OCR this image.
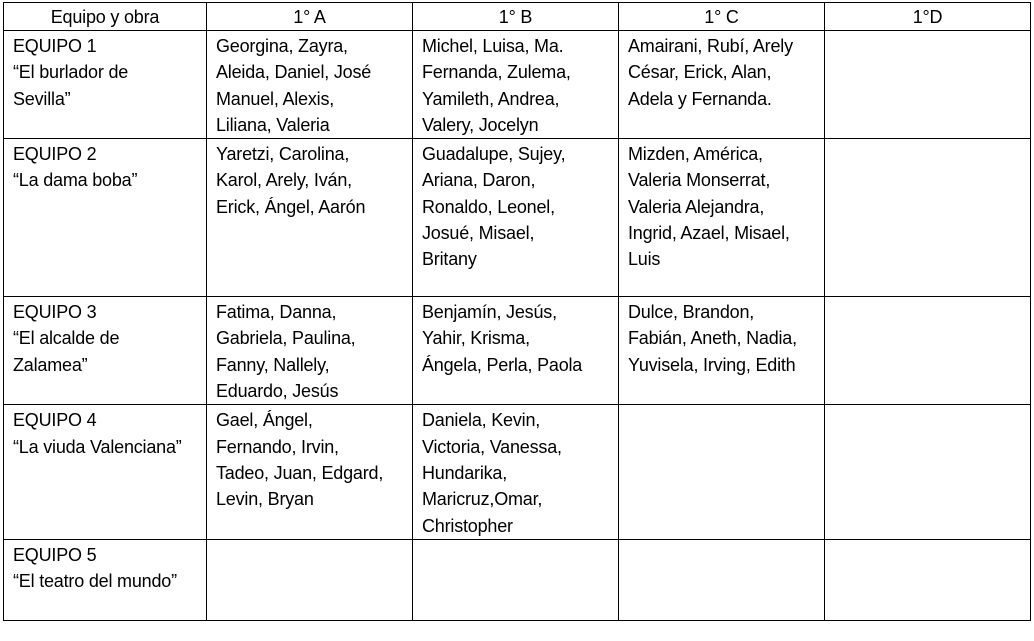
Equipo y obra	1° A	1° B	1° C	1°D

EQUIPO 1
“El burlador de
Sevilla”	Georgina, Zayra,
Aleida, Daniel, José
Manuel, Alexis,
Liliana, Valeria	Michel, Luisa, Ma.
Fernanda, Zulema,
Yamileth, Andrea,
Valery, Jocelyn	Amairani, Rubí, Arely
César, Erick, Alan,
Adela y Fernanda.	

EQUIPO 2
“La dama boba”	Yaretzi, Carolina,
Karol, Arely, Iván,
Erick, Ángel, Aarón	Guadalupe, Sujey,
Ariana, Daron,
Ronaldo, Leonel,
Josué, Misael,
Britany	Mizden, América,
Valeria Monserrat,
Valeria Alejandra,
Ingrid, Azael, Misael,
Luis	

EQUIPO 3
“El alcalde de
Zalamea”	Fatima, Danna,
Gabriela, Paulina,
Fanny, Nallely,
Eduardo, Jesús	Benjamín, Jesús,
Yahir, Krisma,
Ángela, Perla, Paola	Dulce, Brandon,
Fabián, Aneth, Nadia,
Yuvisela, Irving, Edith	

EQUIPO 4
“La viuda Valenciana”	Gael, Ángel,
Fernando, Irvin,
Tadeo, Juan, Edgard,
Levin, Bryan	Daniela, Kevin,
Victoria, Vanessa,
Hundarika,
Maricruz,Omar,
Christopher		

EQUIPO 5
“El teatro del mundo”				
